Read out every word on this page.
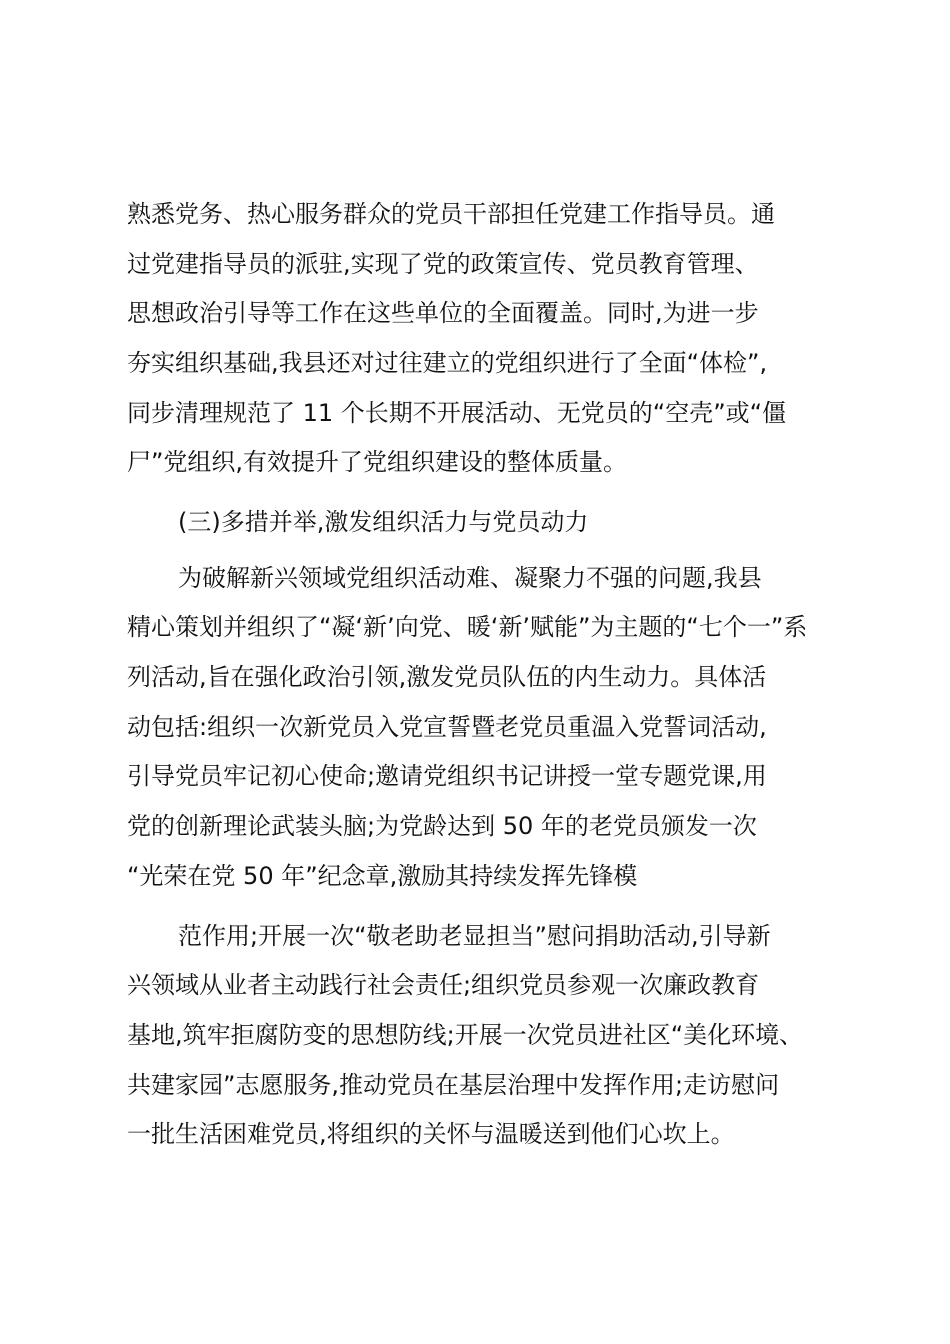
熟悉党务、热心服务群众的党员干部担任党建工作指导员。通
过党建指导员的派驻,实现了党的政策宣传、党员教育管理、
思想政治引导等工作在这些单位的全面覆盖。同时,为进一步
夯实组织基础,我县还对过往建立的党组织进行了全面“体检”,
同步清理规范了 11 个长期不开展活动、无党员的“空壳”或“僵
尸”党组织,有效提升了党组织建设的整体质量。
(三)多措并举,激发组织活力与党员动力
为破解新兴领域党组织活动难、凝聚力不强的问题,我县
精心策划并组织了“凝‘新’向党、暖‘新’赋能”为主题的“七个一”系
列活动,旨在强化政治引领,激发党员队伍的内生动力。具体活
动包括:组织一次新党员入党宣誓暨老党员重温入党誓词活动,
引导党员牢记初心使命;邀请党组织书记讲授一堂专题党课,用
党的创新理论武装头脑;为党龄达到 50 年的老党员颁发一次
“光荣在党 50 年”纪念章,激励其持续发挥先锋模
范作用;开展一次“敬老助老显担当”慰问捐助活动,引导新
兴领域从业者主动践行社会责任;组织党员参观一次廉政教育
基地,筑牢拒腐防变的思想防线;开展一次党员进社区“美化环境、
共建家园”志愿服务,推动党员在基层治理中发挥作用;走访慰问
一批生活困难党员,将组织的关怀与温暖送到他们心坎上。
